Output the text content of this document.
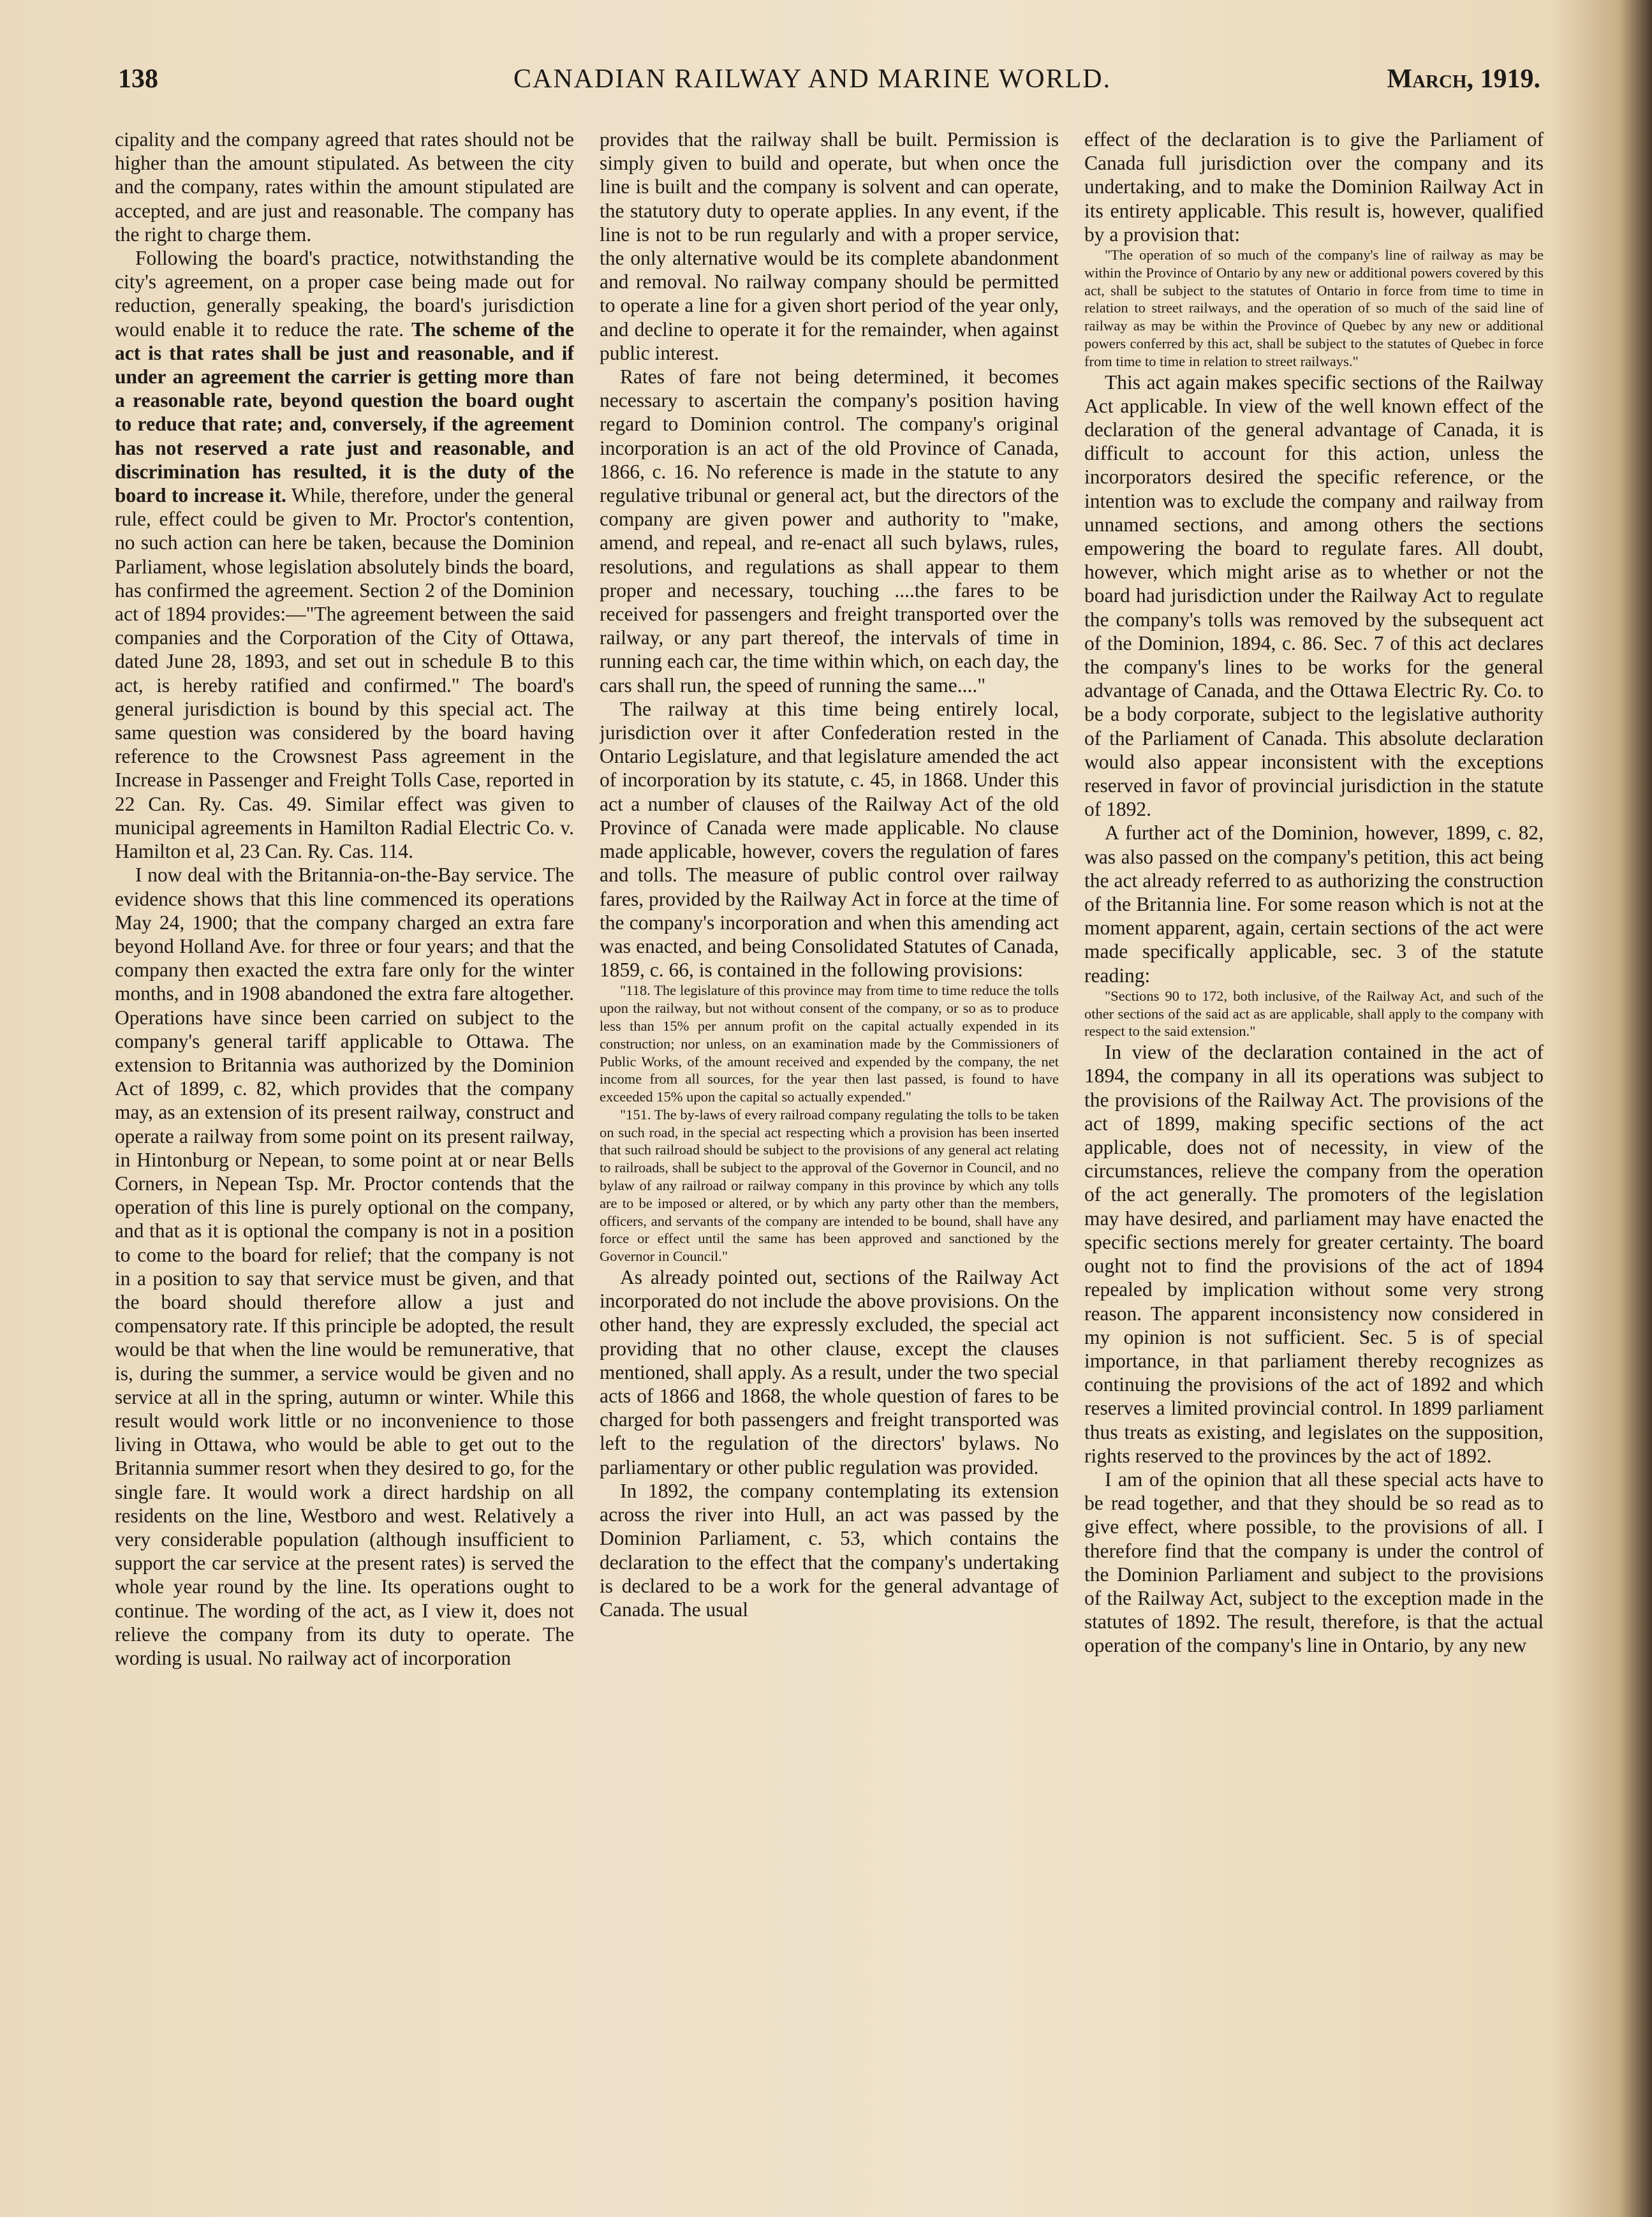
138	CANADIAN RAILWAY AND MARINE WORLD.	March, 1919.

cipality and the company agreed that rates should not be higher than the amount stipulated. As between the city and the company, rates within the amount stipulated are accepted, and are just and reasonable. The company has the right to charge them.

Following the board's practice, notwithstanding the city's agreement, on a proper case being made out for reduction, generally speaking, the board's jurisdiction would enable it to reduce the rate. The scheme of the act is that rates shall be just and reasonable, and if under an agreement the carrier is getting more than a reasonable rate, beyond question the board ought to reduce that rate; and, conversely, if the agreement has not reserved a rate just and reasonable, and discrimination has resulted, it is the duty of the board to increase it. While, therefore, under the general rule, effect could be given to Mr. Proctor's contention, no such action can here be taken, because the Dominion Parliament, whose legislation absolutely binds the board, has confirmed the agreement. Section 2 of the Dominion act of 1894 provides:—"The agreement between the said companies and the Corporation of the City of Ottawa, dated June 28, 1893, and set out in schedule B to this act, is hereby ratified and confirmed." The board's general jurisdiction is bound by this special act. The same question was considered by the board having reference to the Crowsnest Pass agreement in the Increase in Passenger and Freight Tolls Case, reported in 22 Can. Ry. Cas. 49. Similar effect was given to municipal agreements in Hamilton Radial Electric Co. v. Hamilton et al, 23 Can. Ry. Cas. 114.

I now deal with the Britannia-on-the-Bay service. The evidence shows that this line commenced its operations May 24, 1900; that the company charged an extra fare beyond Holland Ave. for three or four years; and that the company then exacted the extra fare only for the winter months, and in 1908 abandoned the extra fare altogether. Operations have since been carried on subject to the company's general tariff applicable to Ottawa. The extension to Britannia was authorized by the Dominion Act of 1899, c. 82, which provides that the company may, as an extension of its present railway, construct and operate a railway from some point on its present railway, in Hintonburg or Nepean, to some point at or near Bells Corners, in Nepean Tsp. Mr. Proctor contends that the operation of this line is purely optional on the company, and that as it is optional the company is not in a position to come to the board for relief; that the company is not in a position to say that service must be given, and that the board should therefore allow a just and compensatory rate. If this principle be adopted, the result would be that when the line would be remunerative, that is, during the summer, a service would be given and no service at all in the spring, autumn or winter. While this result would work little or no inconvenience to those living in Ottawa, who would be able to get out to the Britannia summer resort when they desired to go, for the single fare. It would work a direct hardship on all residents on the line, Westboro and west. Relatively a very considerable population (although insufficient to support the car service at the present rates) is served the whole year round by the line. Its operations ought to continue. The wording of the act, as I view it, does not relieve the company from its duty to operate. The wording is usual. No railway act of incorporation

provides that the railway shall be built. Permission is simply given to build and operate, but when once the line is built and the company is solvent and can operate, the statutory duty to operate applies. In any event, if the line is not to be run regularly and with a proper service, the only alternative would be its complete abandonment and removal. No railway company should be permitted to operate a line for a given short period of the year only, and decline to operate it for the remainder, when against public interest.

Rates of fare not being determined, it becomes necessary to ascertain the company's position having regard to Dominion control. The company's original incorporation is an act of the old Province of Canada, 1866, c. 16. No reference is made in the statute to any regulative tribunal or general act, but the directors of the company are given power and authority to "make, amend, and repeal, and re-enact all such bylaws, rules, resolutions, and regulations as shall appear to them proper and necessary, touching ....the fares to be received for passengers and freight transported over the railway, or any part thereof, the intervals of time in running each car, the time within which, on each day, the cars shall run, the speed of running the same...."

The railway at this time being entirely local, jurisdiction over it after Confederation rested in the Ontario Legislature, and that legislature amended the act of incorporation by its statute, c. 45, in 1868. Under this act a number of clauses of the Railway Act of the old Province of Canada were made applicable. No clause made applicable, however, covers the regulation of fares and tolls. The measure of public control over railway fares, provided by the Railway Act in force at the time of the company's incorporation and when this amending act was enacted, and being Consolidated Statutes of Canada, 1859, c. 66, is contained in the following provisions:

"118. The legislature of this province may from time to time reduce the tolls upon the railway, but not without consent of the company, or so as to produce less than 15% per annum profit on the capital actually expended in its construction; nor unless, on an examination made by the Commissioners of Public Works, of the amount received and expended by the company, the net income from all sources, for the year then last passed, is found to have exceeded 15% upon the capital so actually expended."

"151. The by-laws of every railroad company regulating the tolls to be taken on such road, in the special act respecting which a provision has been inserted that such railroad should be subject to the provisions of any general act relating to railroads, shall be subject to the approval of the Governor in Council, and no bylaw of any railroad or railway company in this province by which any tolls are to be imposed or altered, or by which any party other than the members, officers, and servants of the company are intended to be bound, shall have any force or effect until the same has been approved and sanctioned by the Governor in Council."

As already pointed out, sections of the Railway Act incorporated do not include the above provisions. On the other hand, they are expressly excluded, the special act providing that no other clause, except the clauses mentioned, shall apply. As a result, under the two special acts of 1866 and 1868, the whole question of fares to be charged for both passengers and freight transported was left to the regulation of the directors' bylaws. No parliamentary or other public regulation was provided.

In 1892, the company contemplating its extension across the river into Hull, an act was passed by the Dominion Parliament, c. 53, which contains the declaration to the effect that the company's undertaking is declared to be a work for the general advantage of Canada. The usual

effect of the declaration is to give the Parliament of Canada full jurisdiction over the company and its undertaking, and to make the Dominion Railway Act in its entirety applicable. This result is, however, qualified by a provision that:

"The operation of so much of the company's line of railway as may be within the Province of Ontario by any new or additional powers covered by this act, shall be subject to the statutes of Ontario in force from time to time in relation to street railways, and the operation of so much of the said line of railway as may be within the Province of Quebec by any new or additional powers conferred by this act, shall be subject to the statutes of Quebec in force from time to time in relation to street railways."

This act again makes specific sections of the Railway Act applicable. In view of the well known effect of the declaration of the general advantage of Canada, it is difficult to account for this action, unless the incorporators desired the specific reference, or the intention was to exclude the company and railway from unnamed sections, and among others the sections empowering the board to regulate fares. All doubt, however, which might arise as to whether or not the board had jurisdiction under the Railway Act to regulate the company's tolls was removed by the subsequent act of the Dominion, 1894, c. 86. Sec. 7 of this act declares the company's lines to be works for the general advantage of Canada, and the Ottawa Electric Ry. Co. to be a body corporate, subject to the legislative authority of the Parliament of Canada. This absolute declaration would also appear inconsistent with the exceptions reserved in favor of provincial jurisdiction in the statute of 1892.

A further act of the Dominion, however, 1899, c. 82, was also passed on the company's petition, this act being the act already referred to as authorizing the construction of the Britannia line. For some reason which is not at the moment apparent, again, certain sections of the act were made specifically applicable, sec. 3 of the statute reading:

"Sections 90 to 172, both inclusive, of the Railway Act, and such of the other sections of the said act as are applicable, shall apply to the company with respect to the said extension."

In view of the declaration contained in the act of 1894, the company in all its operations was subject to the provisions of the Railway Act. The provisions of the act of 1899, making specific sections of the act applicable, does not of necessity, in view of the circumstances, relieve the company from the operation of the act generally. The promoters of the legislation may have desired, and parliament may have enacted the specific sections merely for greater certainty. The board ought not to find the provisions of the act of 1894 repealed by implication without some very strong reason. The apparent inconsistency now considered in my opinion is not sufficient. Sec. 5 is of special importance, in that parliament thereby recognizes as continuing the provisions of the act of 1892 and which reserves a limited provincial control. In 1899 parliament thus treats as existing, and legislates on the supposition, rights reserved to the provinces by the act of 1892.

I am of the opinion that all these special acts have to be read together, and that they should be so read as to give effect, where possible, to the provisions of all. I therefore find that the company is under the control of the Dominion Parliament and subject to the provisions of the Railway Act, subject to the exception made in the statutes of 1892. The result, therefore, is that the actual operation of the company's line in Ontario, by any new
